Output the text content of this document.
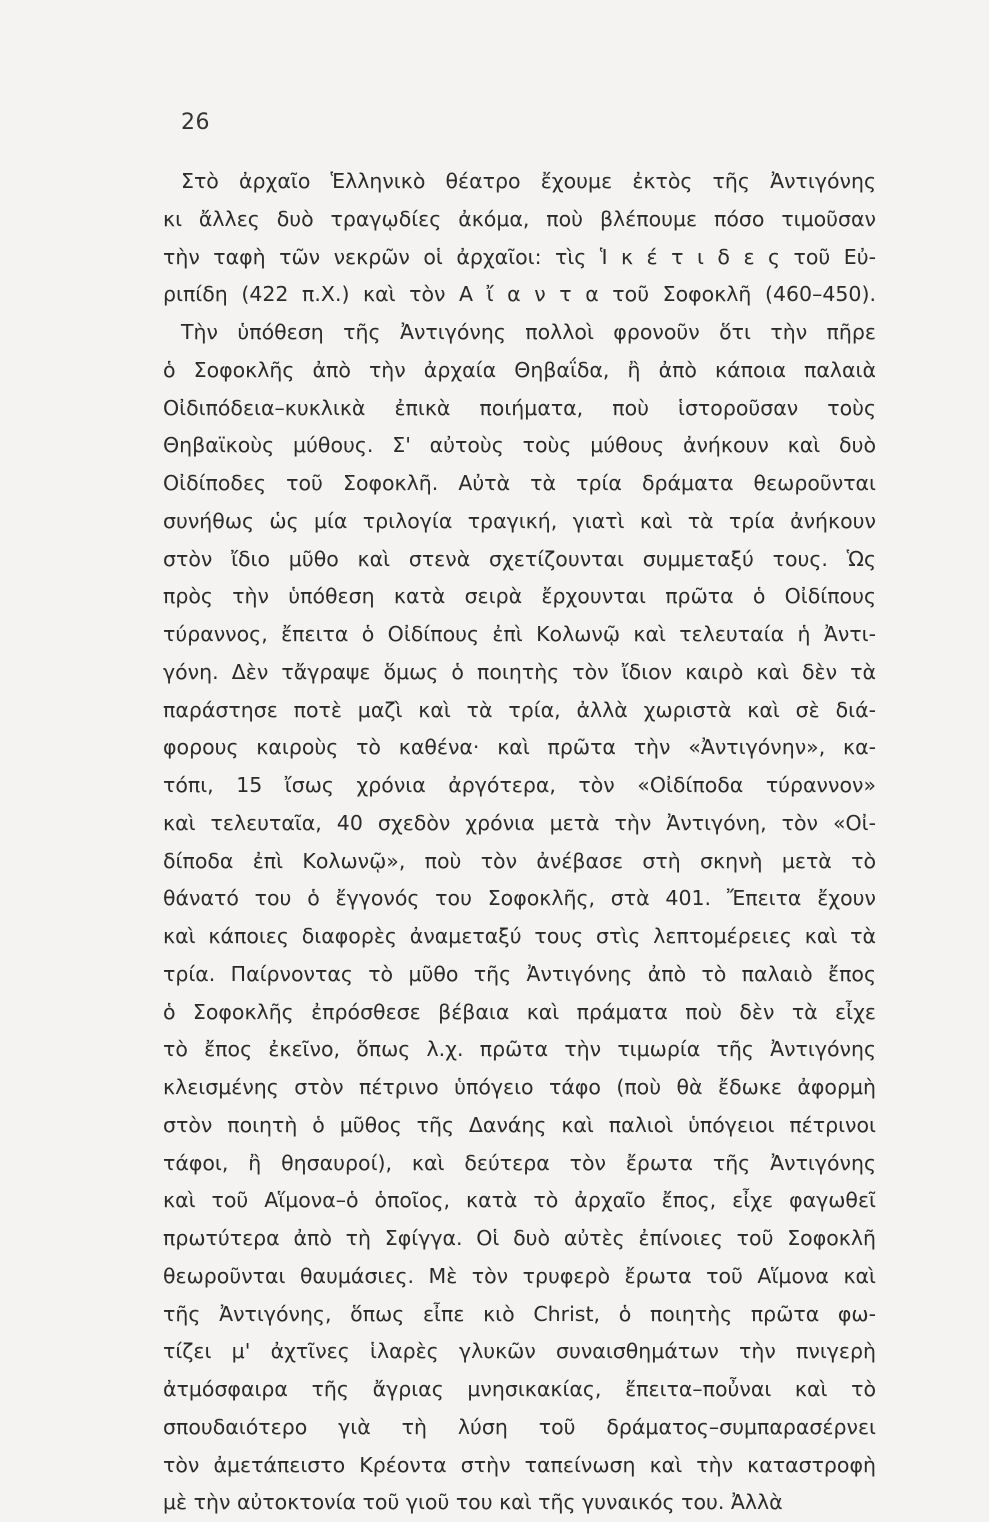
26
Στὸ ἀρχαῖο Ἑλληνικὸ θέατρο ἔχουμε ἐκτὸς τῆς Ἀντιγόνης
κι ἄλλες δυὸ τραγῳδίες ἀκόμα, ποὺ βλέπουμε πόσο τιμοῦσαν
τὴν ταφὴ τῶν νεκρῶν οἱ ἀρχαῖοι: τὶς Ἱ κ έ τ ι δ ε ς τοῦ Εὐ-
ριπίδη (422 π.Χ.) καὶ τὸν Α ἴ α ν τ α τοῦ Σοφοκλῆ (460–450).
Τὴν ὑπόθεση τῆς Ἀντιγόνης πολλοὶ φρονοῦν ὅτι τὴν πῆρε
ὁ Σοφοκλῆς ἀπὸ τὴν ἀρχαία Θηβαΐδα, ἢ ἀπὸ κάποια παλαιὰ
Οἰδιπόδεια–κυκλικὰ ἐπικὰ ποιήματα, ποὺ ἱστοροῦσαν τοὺς
Θηβαϊκοὺς μύθους. Σ' αὐτοὺς τοὺς μύθους ἀνήκουν καὶ δυὸ
Οἰδίποδες τοῦ Σοφοκλῆ. Αὐτὰ τὰ τρία δράματα θεωροῦνται
συνήθως ὡς μία τριλογία τραγική, γιατὶ καὶ τὰ τρία ἀνήκουν
στὸν ἴδιο μῦθο καὶ στενὰ σχετίζουνται συμμεταξύ τους. Ὡς
πρὸς τὴν ὑπόθεση κατὰ σειρὰ ἔρχουνται πρῶτα ὁ Οἰδίπους
τύραννος, ἔπειτα ὁ Οἰδίπους ἐπὶ Κολωνῷ καὶ τελευταία ἡ Ἀντι-
γόνη. Δὲν τἄγραψε ὅμως ὁ ποιητὴς τὸν ἴδιον καιρὸ καὶ δὲν τὰ
παράστησε ποτὲ μαζὶ καὶ τὰ τρία, ἀλλὰ χωριστὰ καὶ σὲ διά-
φορους καιροὺς τὸ καθένα· καὶ πρῶτα τὴν «Ἀντιγόνην», κα-
τόπι, 15 ἴσως χρόνια ἀργότερα, τὸν «Οἰδίποδα τύραννον»
καὶ τελευταῖα, 40 σχεδὸν χρόνια μετὰ τὴν Ἀντιγόνη, τὸν «Οἰ-
δίποδα ἐπὶ Κολωνῷ», ποὺ τὸν ἀνέβασε στὴ σκηνὴ μετὰ τὸ
θάνατό του ὁ ἔγγονός του Σοφοκλῆς, στὰ 401. Ἔπειτα ἔχουν
καὶ κάποιες διαφορὲς ἀναμεταξύ τους στὶς λεπτομέρειες καὶ τὰ
τρία. Παίρνοντας τὸ μῦθο τῆς Ἀντιγόνης ἀπὸ τὸ παλαιὸ ἔπος
ὁ Σοφοκλῆς ἐπρόσθεσε βέβαια καὶ πράματα ποὺ δὲν τὰ εἶχε
τὸ ἔπος ἐκεῖνο, ὅπως λ.χ. πρῶτα τὴν τιμωρία τῆς Ἀντιγόνης
κλεισμένης στὸν πέτρινο ὑπόγειο τάφο (ποὺ θὰ ἔδωκε ἀφορμὴ
στὸν ποιητὴ ὁ μῦθος τῆς Δανάης καὶ παλιοὶ ὑπόγειοι πέτρινοι
τάφοι, ἢ θησαυροί), καὶ δεύτερα τὸν ἔρωτα τῆς Ἀντιγόνης
καὶ τοῦ Αἵμονα–ὁ ὁποῖος, κατὰ τὸ ἀρχαῖο ἔπος, εἶχε φαγωθεῖ
πρωτύτερα ἀπὸ τὴ Σφίγγα. Οἱ δυὸ αὐτὲς ἐπίνοιες τοῦ Σοφοκλῆ
θεωροῦνται θαυμάσιες. Μὲ τὸν τρυφερὸ ἔρωτα τοῦ Αἵμονα καὶ
τῆς Ἀντιγόνης, ὅπως εἶπε κιὸ Christ, ὁ ποιητὴς πρῶτα φω-
τίζει μ' ἀχτῖνες ἱλαρὲς γλυκῶν συναισθημάτων τὴν πνιγερὴ
ἀτμόσφαιρα τῆς ἄγριας μνησικακίας, ἔπειτα–ποὖναι καὶ τὸ
σπουδαιότερο γιὰ τὴ λύση τοῦ δράματος–συμπαρασέρνει
τὸν ἀμετάπειστο Κρέοντα στὴν ταπείνωση καὶ τὴν καταστροφὴ
μὲ τὴν αὐτοκτονία τοῦ γιοῦ του καὶ τῆς γυναικός του. Ἀλλὰ
